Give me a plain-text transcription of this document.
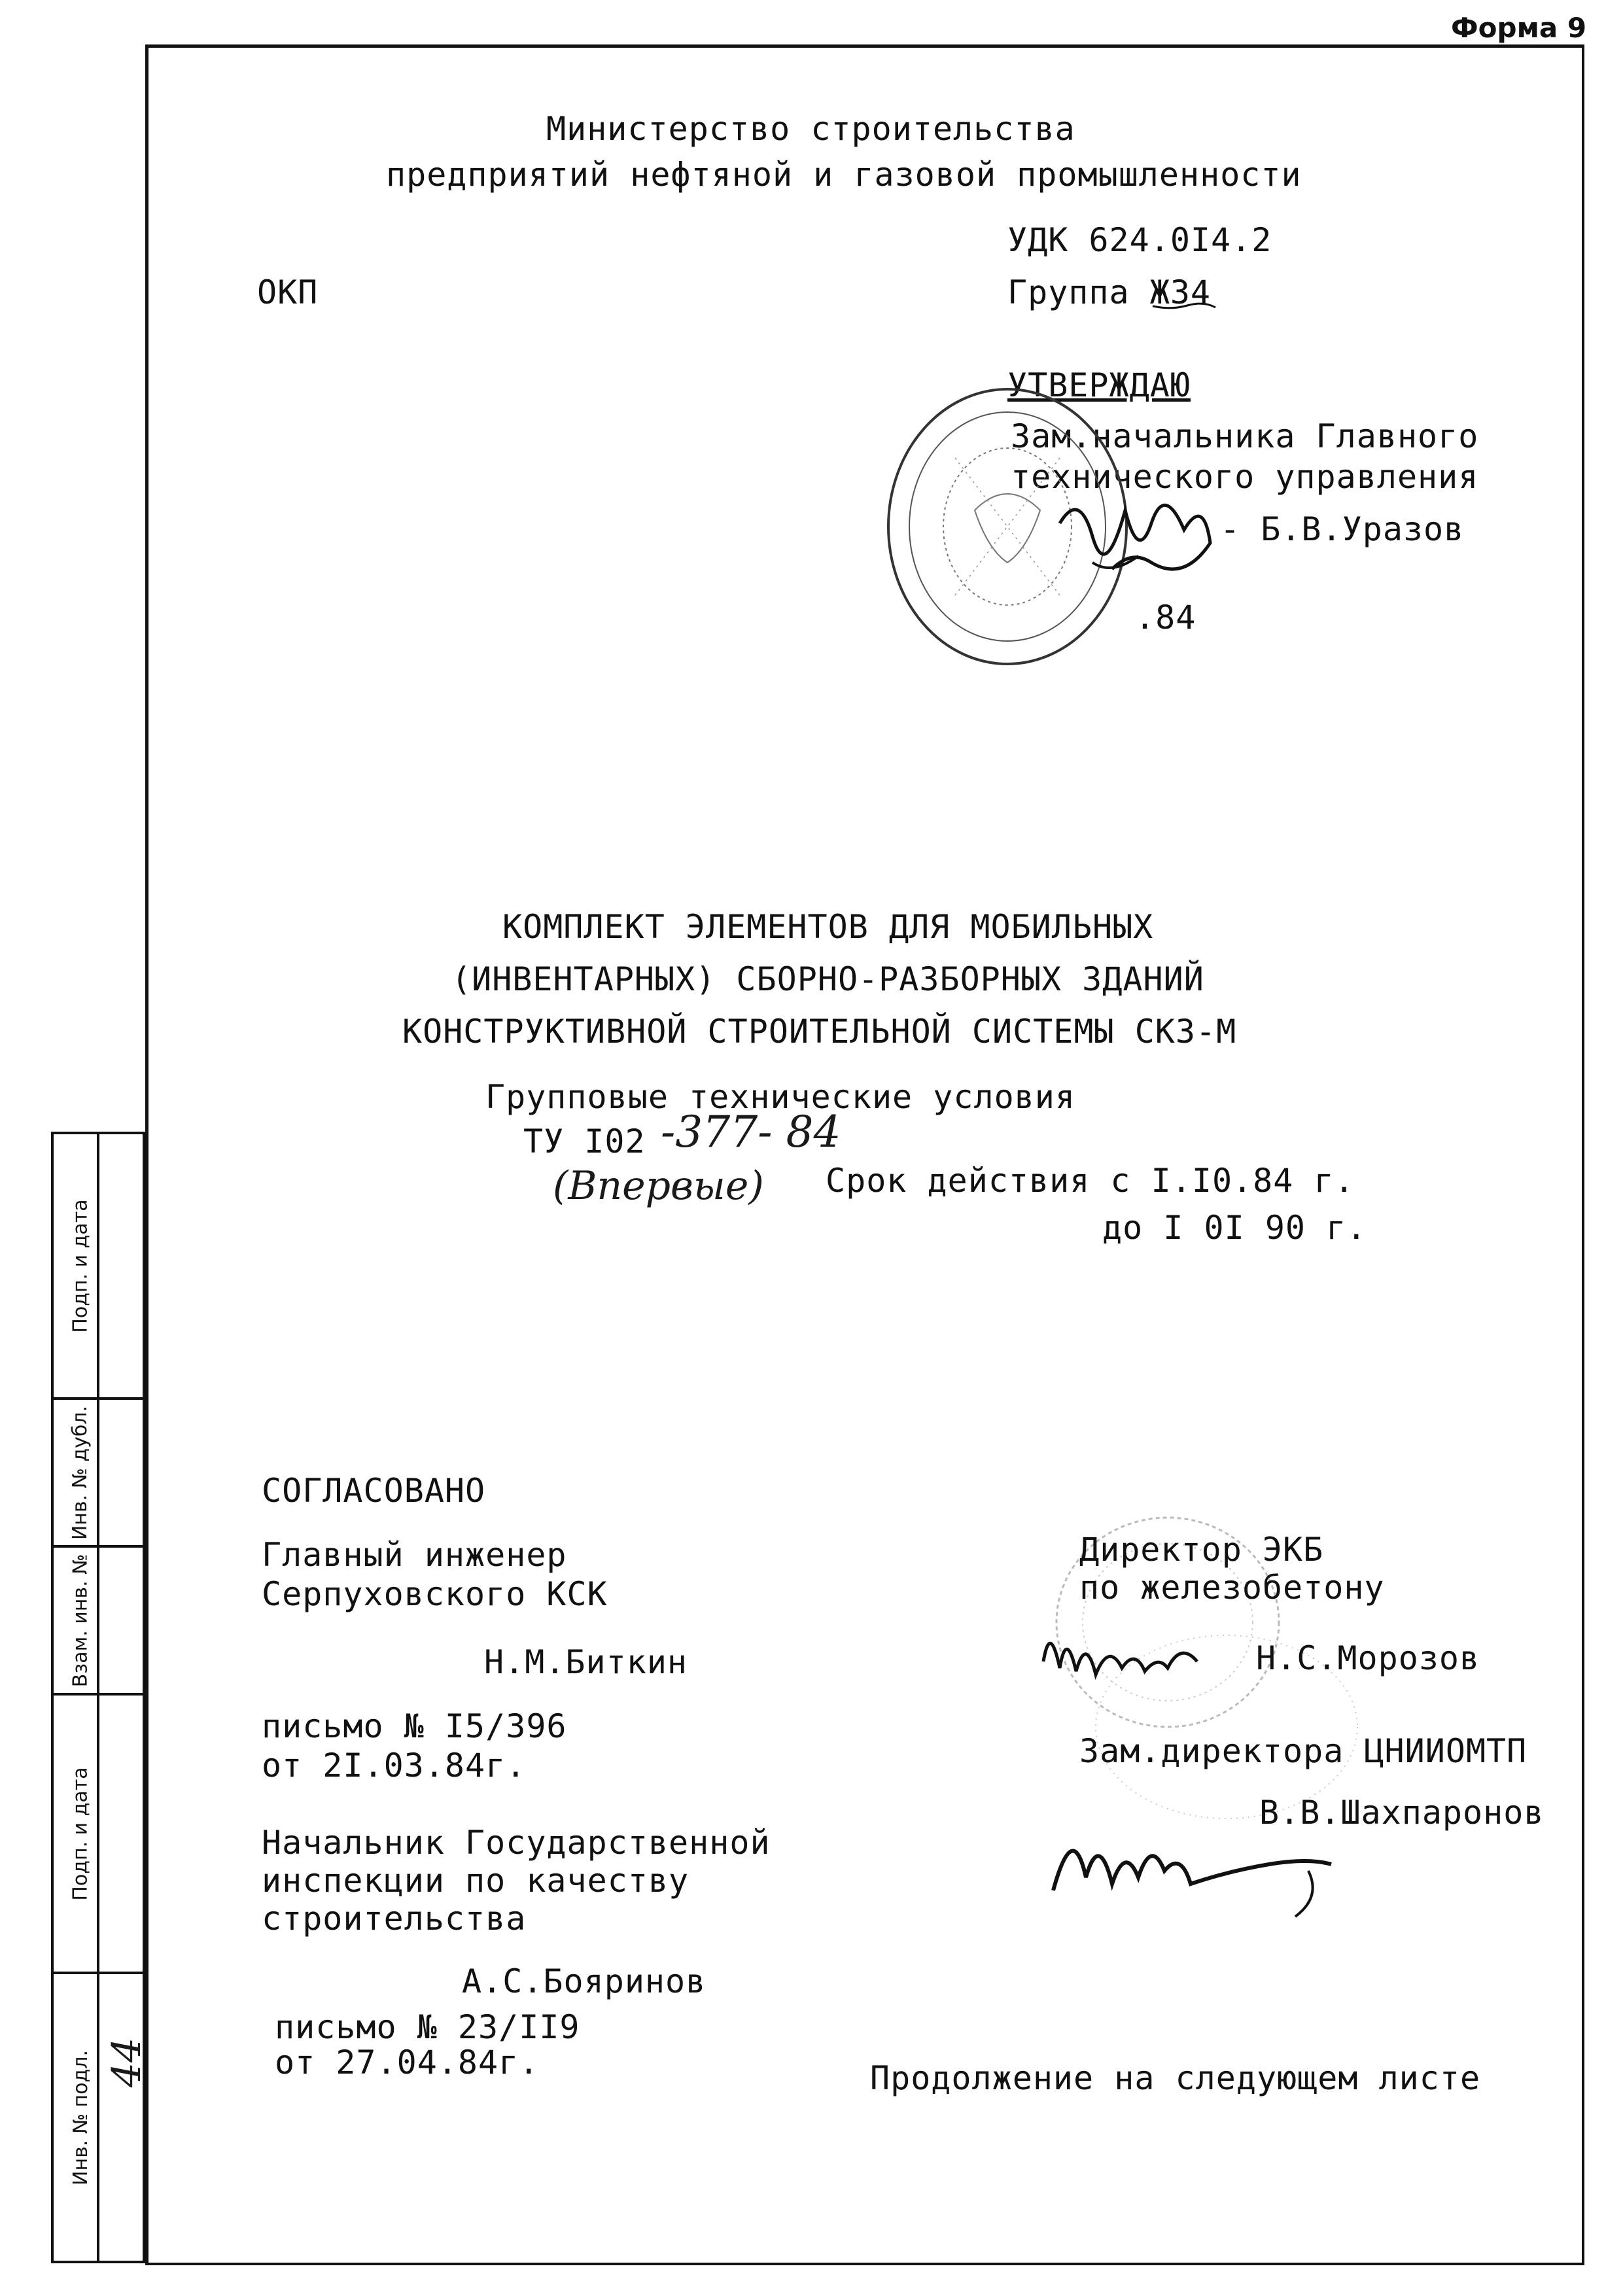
Форма 9
Министерство строительства
предприятий нефтяной и газовой промышленности
УДК 624.0I4.2
ОКП	Группа Ж34
УТВЕРЖДАЮ
Зам.начальника Главного
технического управления
- Б.В.Уразов
.84
КОМПЛЕКТ ЭЛЕМЕНТОВ ДЛЯ МОБИЛЬНЫХ
(ИНВЕНТАРНЫХ) СБОРНО-РАЗБОРНЫХ ЗДАНИЙ
КОНСТРУКТИВНОЙ СТРОИТЕЛЬНОЙ СИСТЕМЫ СКЗ-М
Групповые технические условия
ТУ I02 -377- 84
(Впервые) Срок действия с I.I0.84 г.
до I 0I 90 г.
СОГЛАСОВАНО
Главный инженер
Серпуховского КСК
Н.М.Биткин
письмо № I5/396
от 2I.03.84г.
Начальник Государственной
инспекции по качеству
строительства
А.С.Бояринов
письмо № 23/II9
от 27.04.84г.
Директор ЭКБ
по железобетону
Н.С.Морозов
Зам.директора ЦНИИОМТП
В.В.Шахпаронов
Продолжение на следующем листе
Подп. и дата
Инв. № дубл.
Взам. инв. №
Подп. и дата
Инв. № подл. 44
